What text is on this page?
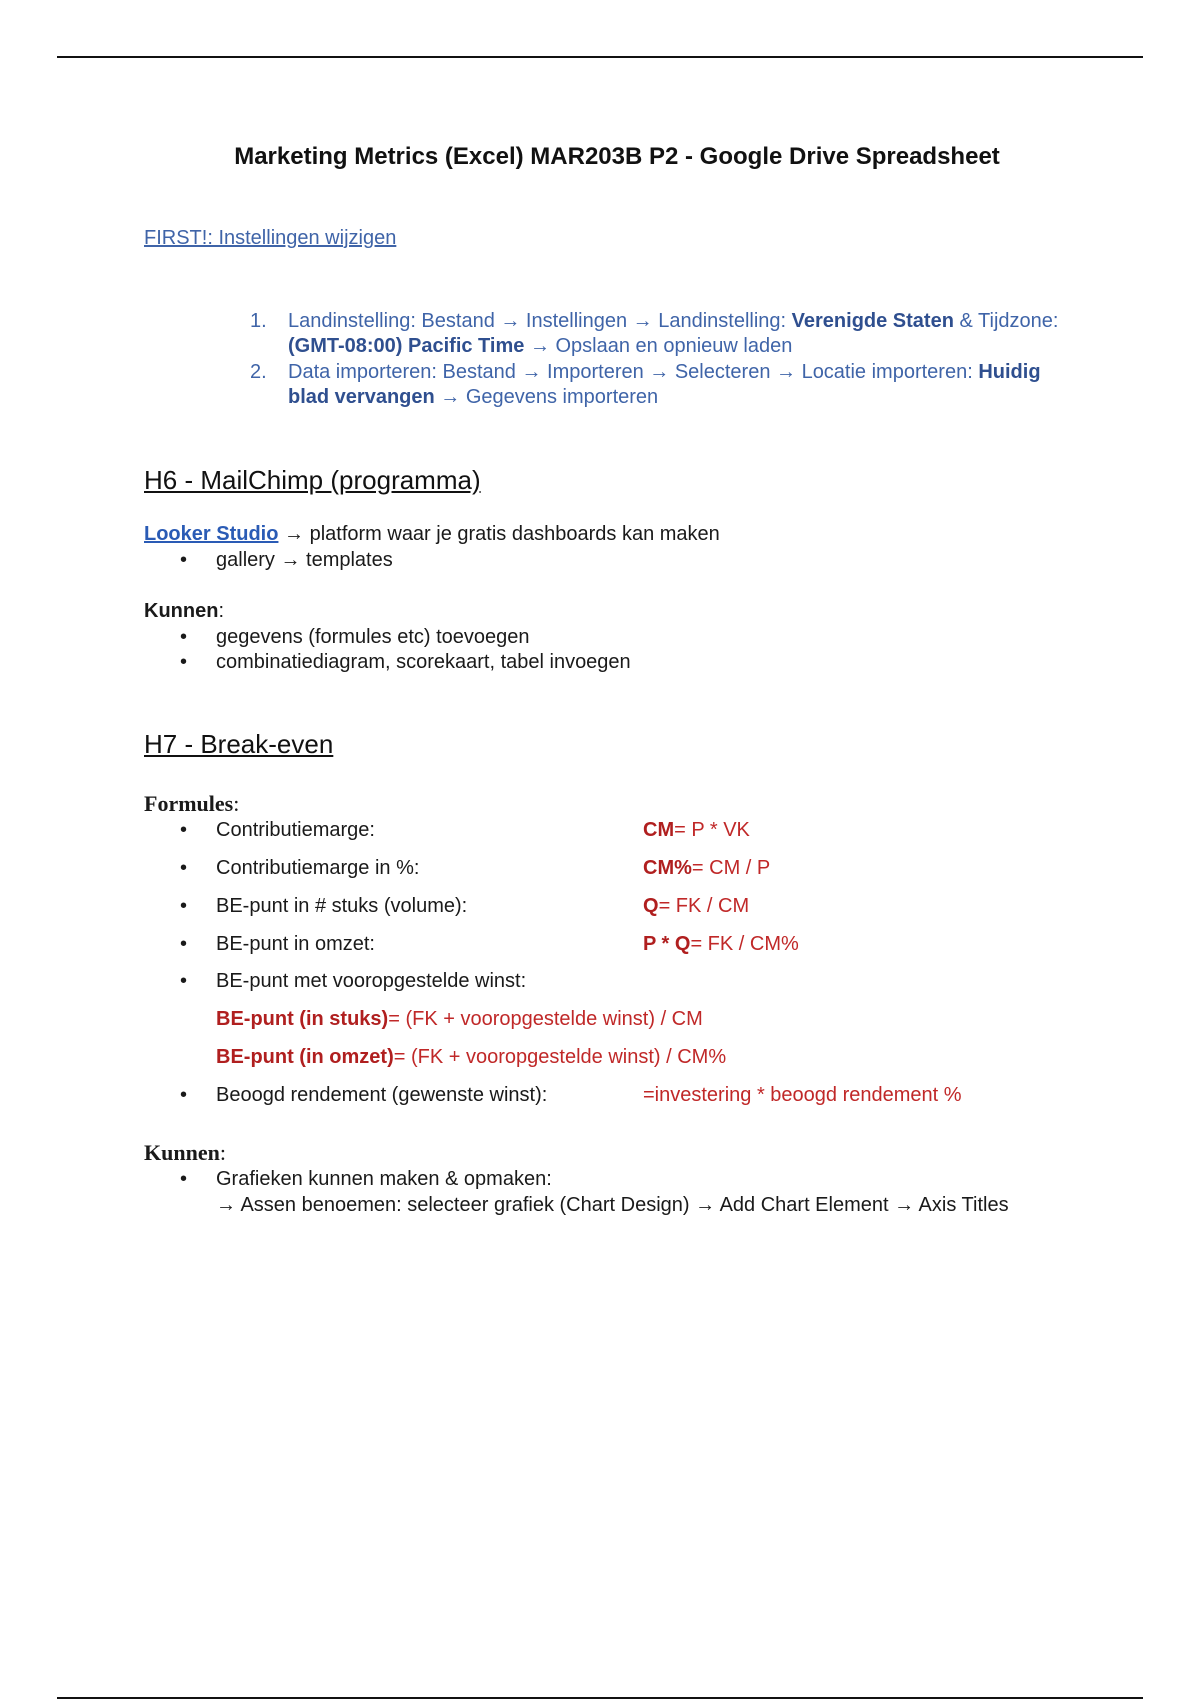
Marketing Metrics (Excel) MAR203B P2 - Google Drive Spreadsheet
FIRST!: Instellingen wijzigen
1.	Landinstelling: Bestand → Instellingen → Landinstelling: Verenigde Staten & Tijdzone: (GMT-08:00) Pacific Time → Opslaan en opnieuw laden
2.	Data importeren: Bestand → Importeren → Selecteren → Locatie importeren: Huidig blad vervangen → Gegevens importeren
H6 - MailChimp (programma)
Looker Studio → platform waar je gratis dashboards kan maken
• gallery → templates
Kunnen:
• gegevens (formules etc) toevoegen
• combinatiediagram, scorekaart, tabel invoegen
H7 - Break-even
Formules:
• Contributiemarge:	CM= P * VK
• Contributiemarge in %:	CM%= CM / P
• BE-punt in # stuks (volume):	Q= FK / CM
• BE-punt in omzet:	P * Q= FK / CM%
• BE-punt met vooropgestelde winst:
BE-punt (in stuks)= (FK + vooropgestelde winst) / CM
BE-punt (in omzet)= (FK + vooropgestelde winst) / CM%
• Beoogd rendement (gewenste winst):	=investering * beoogd rendement %
Kunnen:
• Grafieken kunnen maken & opmaken:
→ Assen benoemen: selecteer grafiek (Chart Design) → Add Chart Element → Axis Titles
